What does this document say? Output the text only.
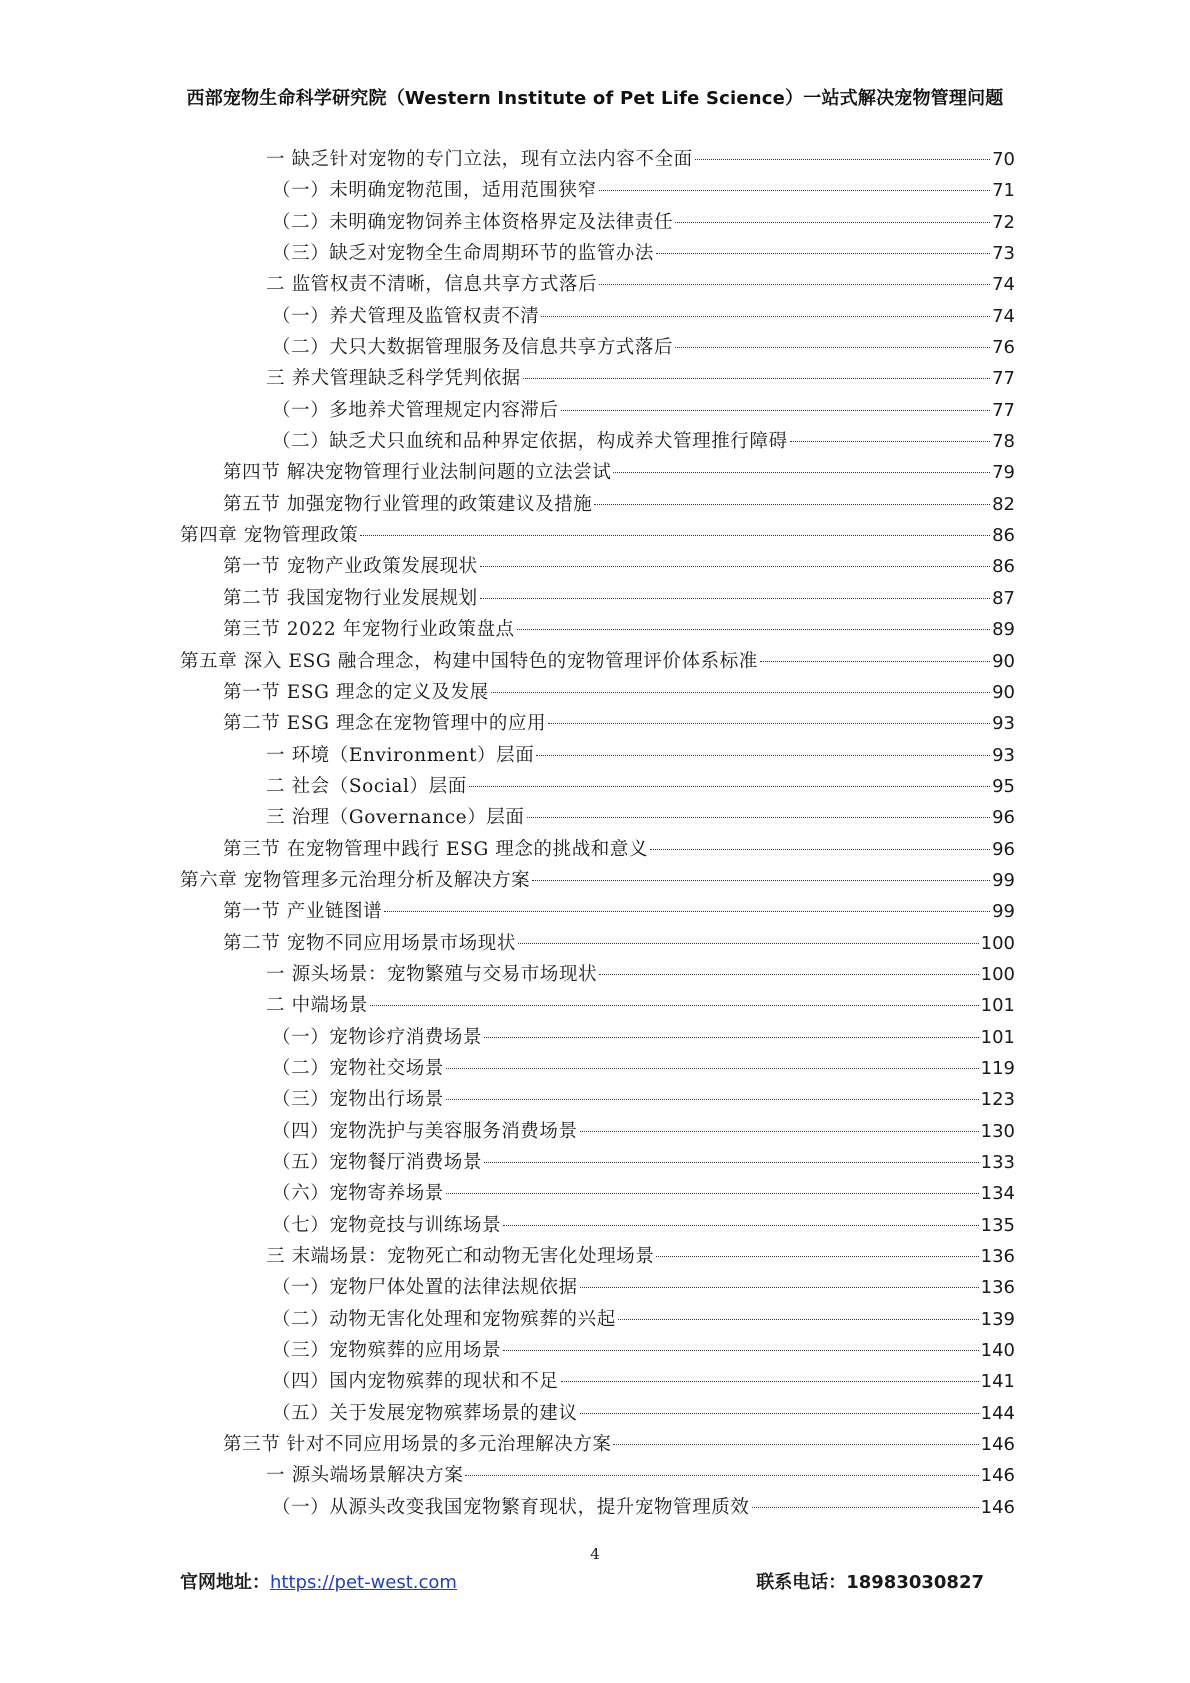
西部宠物生命科学研究院（Western Institute of Pet Life Science）一站式解决宠物管理问题
一 缺乏针对宠物的专门立法，现有立法内容不全面	70
（一）未明确宠物范围，适用范围狭窄	71
（二）未明确宠物饲养主体资格界定及法律责任	72
（三）缺乏对宠物全生命周期环节的监管办法	73
二 监管权责不清晰，信息共享方式落后	74
（一）养犬管理及监管权责不清	74
（二）犬只大数据管理服务及信息共享方式落后	76
三 养犬管理缺乏科学凭判依据	77
（一）多地养犬管理规定内容滞后	77
（二）缺乏犬只血统和品种界定依据，构成养犬管理推行障碍	78
第四节 解决宠物管理行业法制问题的立法尝试	79
第五节 加强宠物行业管理的政策建议及措施	82
第四章 宠物管理政策	86
第一节 宠物产业政策发展现状	86
第二节 我国宠物行业发展规划	87
第三节 2022 年宠物行业政策盘点	89
第五章 深入 ESG 融合理念，构建中国特色的宠物管理评价体系标准	90
第一节 ESG 理念的定义及发展	90
第二节 ESG 理念在宠物管理中的应用	93
一 环境（Environment）层面	93
二 社会（Social）层面	95
三 治理（Governance）层面	96
第三节 在宠物管理中践行 ESG 理念的挑战和意义	96
第六章 宠物管理多元治理分析及解决方案	99
第一节 产业链图谱	99
第二节 宠物不同应用场景市场现状	100
一 源头场景：宠物繁殖与交易市场现状	100
二 中端场景	101
（一）宠物诊疗消费场景	101
（二）宠物社交场景	119
（三）宠物出行场景	123
（四）宠物洗护与美容服务消费场景	130
（五）宠物餐厅消费场景	133
（六）宠物寄养场景	134
（七）宠物竞技与训练场景	135
三 末端场景：宠物死亡和动物无害化处理场景	136
（一）宠物尸体处置的法律法规依据	136
（二）动物无害化处理和宠物殡葬的兴起	139
（三）宠物殡葬的应用场景	140
（四）国内宠物殡葬的现状和不足	141
（五）关于发展宠物殡葬场景的建议	144
第三节 针对不同应用场景的多元治理解决方案	146
一 源头端场景解决方案	146
（一）从源头改变我国宠物繁育现状，提升宠物管理质效	146
4
官网地址：https://pet-west.com	联系电话：18983030827
